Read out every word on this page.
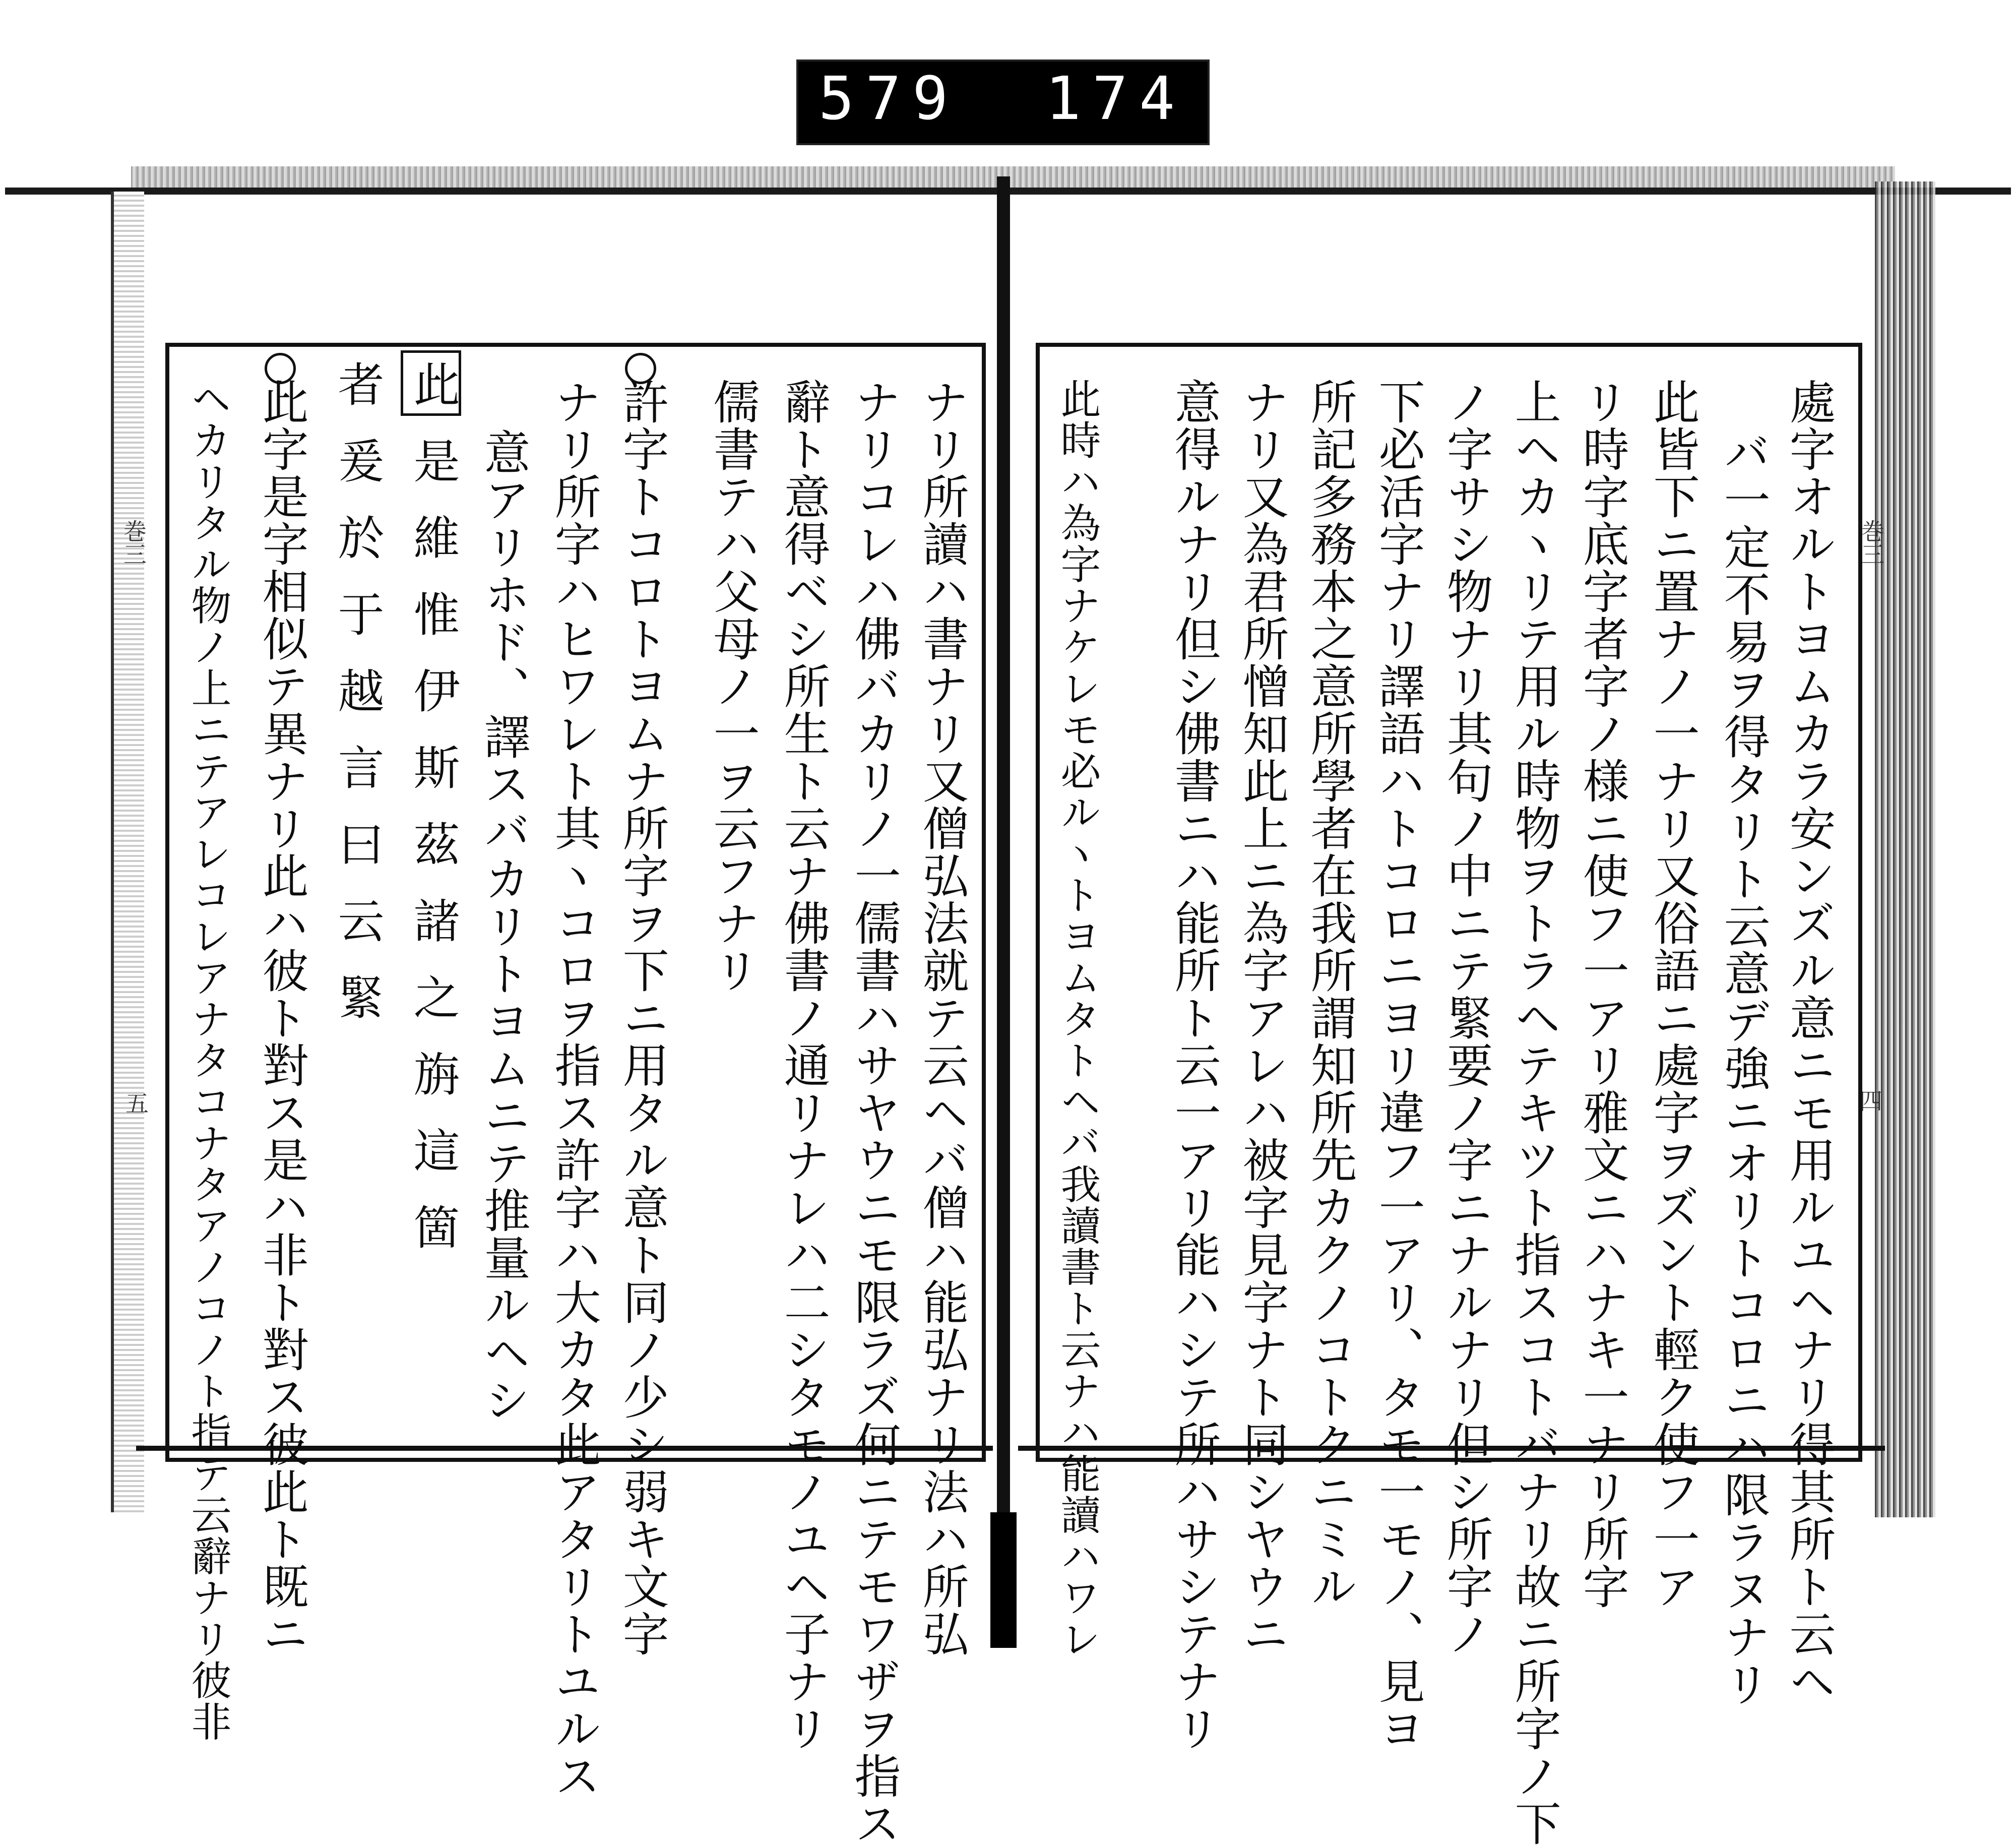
579 174
巻三
五
巻三
四
處字オルトヨムカラ安ンズル意ニモ用ルユヘナリ得其所ト云ヘ
バ一定不易ヲ得タリト云意デ強ニオリトコロニハ限ラヌナリ
此皆下ニ置ナノ一ナリ又俗語ニ處字ヲズント輕ク使フ一ア
リ時字底字者字ノ様ニ使フ一アリ雅文ニハナキ一ナリ所字
上ヘカヽリテ用ル時物ヲトラヘテキツト指スコトバナリ故ニ所字ノ下
ノ字サシ物ナリ其句ノ中ニテ緊要ノ字ニナルナリ但シ所字ノ
下必活字ナリ譯語ハトコロニヨリ違フ一アリ、タモ一モノ、見ヨ
所記多務本之意所學者在我所謂知所先カクノコトクニミル
ナリ又為君所憎知此上ニ為字アレハ被字見字ナト同シヤウニ
意得ルナリ但シ佛書ニハ能所ト云一アリ能ハシテ所ハサシテナリ
此時ハ為字ナケレモ必ルヽトヨムタトヘバ我讀書ト云ナハ能讀ハワレ
ナリ所讀ハ書ナリ又僧弘法就テ云ヘバ僧ハ能弘ナリ法ハ所弘
ナリコレハ佛バカリノ一儒書ハサヤウニモ限ラズ何ニテモワザヲ指ス
辭ト意得ベシ所生ト云ナ佛書ノ通リナレハ二シタモノユヘ子ナリ
儒書テハ父母ノ一ヲ云フナリ
許字トコロトヨムナ所字ヲ下ニ用タル意ト同ノ少シ弱キ文字
ナリ所字ハヒワレト其ヽコロヲ指ス許字ハ大カタ此アタリトユルス
意アリホド、譯スバカリトヨムニテ推量ルヘシ
此是維惟伊斯茲諸之旃這箇
者爰於于越言曰云緊
此字是字相似テ異ナリ此ハ彼ト對ス是ハ非ト對ス彼此ト既ニ
ヘカリタル物ノ上ニテアレコレアナタコナタアノコノト指テ云辭ナリ彼非
